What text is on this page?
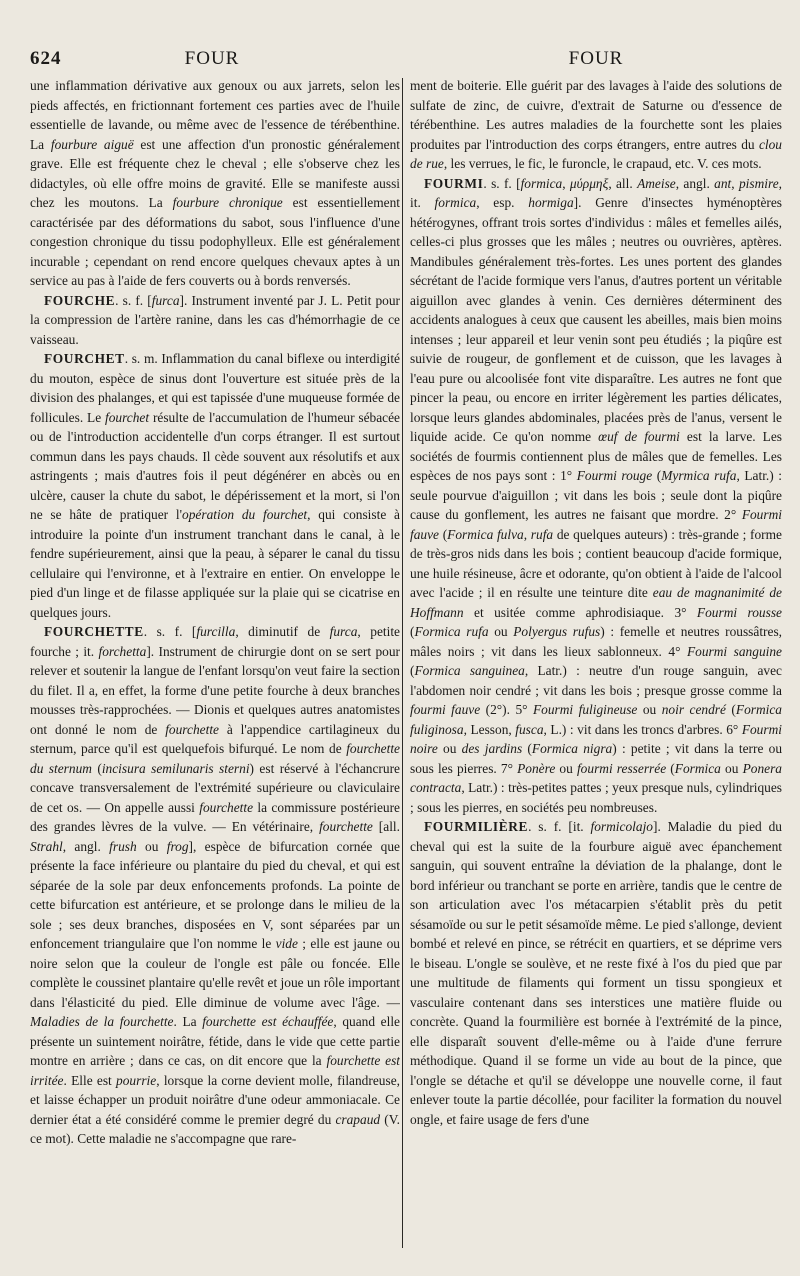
624	FOUR	FOUR

une inflammation dérivative aux genoux ou aux jarrets, selon les pieds affectés, en frictionnant fortement ces parties avec de l'huile essentielle de lavande, ou même avec de l'essence de térébenthine. La fourbure aiguë est une affection d'un pronostic généralement grave. Elle est fréquente chez le cheval ; elle s'observe chez les didactyles, où elle offre moins de gravité. Elle se manifeste aussi chez les moutons. La fourbure chronique est essentiellement caractérisée par des déformations du sabot, sous l'influence d'une congestion chronique du tissu podophylleux. Elle est généralement incurable ; cependant on rend encore quelques chevaux aptes à un service au pas à l'aide de fers couverts ou à bords renversés.

FOURCHE. s. f. [furca]. Instrument inventé par J. L. Petit pour la compression de l'artère ranine, dans les cas d'hémorrhagie de ce vaisseau.

FOURCHET. s. m. Inflammation du canal biflexe ou interdigité du mouton, espèce de sinus dont l'ouverture est située près de la division des phalanges, et qui est tapissée d'une muqueuse formée de follicules. Le fourchet résulte de l'accumulation de l'humeur sébacée ou de l'introduction accidentelle d'un corps étranger. Il est surtout commun dans les pays chauds. Il cède souvent aux résolutifs et aux astringents ; mais d'autres fois il peut dégénérer en abcès ou en ulcère, causer la chute du sabot, le dépérissement et la mort, si l'on ne se hâte de pratiquer l'opération du fourchet, qui consiste à introduire la pointe d'un instrument tranchant dans le canal, à le fendre supérieurement, ainsi que la peau, à séparer le canal du tissu cellulaire qui l'environne, et à l'extraire en entier. On enveloppe le pied d'un linge et de filasse appliquée sur la plaie qui se cicatrise en quelques jours.

FOURCHETTE. s. f. [furcilla, diminutif de furca, petite fourche ; it. forchetta]. Instrument de chirurgie dont on se sert pour relever et soutenir la langue de l'enfant lorsqu'on veut faire la section du filet. Il a, en effet, la forme d'une petite fourche à deux branches mousses très-rapprochées. — Dionis et quelques autres anatomistes ont donné le nom de fourchette à l'appendice cartilagineux du sternum, parce qu'il est quelquefois bifurqué. Le nom de fourchette du sternum (incisura semilunaris sterni) est réservé à l'échancrure concave transversalement de l'extrémité supérieure ou claviculaire de cet os. — On appelle aussi fourchette la commissure postérieure des grandes lèvres de la vulve. — En vétérinaire, fourchette [all. Strahl, angl. frush ou frog], espèce de bifurcation cornée que présente la face inférieure ou plantaire du pied du cheval, et qui est séparée de la sole par deux enfoncements profonds. La pointe de cette bifurcation est antérieure, et se prolonge dans le milieu de la sole ; ses deux branches, disposées en V, sont séparées par un enfoncement triangulaire que l'on nomme le vide ; elle est jaune ou noire selon que la couleur de l'ongle est pâle ou foncée. Elle complète le coussinet plantaire qu'elle revêt et joue un rôle important dans l'élasticité du pied. Elle diminue de volume avec l'âge. — Maladies de la fourchette. La fourchette est échauffée, quand elle présente un suintement noirâtre, fétide, dans le vide que cette partie montre en arrière ; dans ce cas, on dit encore que la fourchette est irritée. Elle est pourrie, lorsque la corne devient molle, filandreuse, et laisse échapper un produit noirâtre d'une odeur ammoniacale. Ce dernier état a été considéré comme le premier degré du crapaud (V. ce mot). Cette maladie ne s'accompagne que rare-

ment de boiterie. Elle guérit par des lavages à l'aide des solutions de sulfate de zinc, de cuivre, d'extrait de Saturne ou d'essence de térébenthine. Les autres maladies de la fourchette sont les plaies produites par l'introduction des corps étrangers, entre autres du clou de rue, les verrues, le fic, le furoncle, le crapaud, etc. V. ces mots.

FOURMI. s. f. [formica, μύρμηξ, all. Ameise, angl. ant, pismire, it. formica, esp. hormiga]. Genre d'insectes hyménoptères hétérogynes, offrant trois sortes d'individus : mâles et femelles ailés, celles-ci plus grosses que les mâles ; neutres ou ouvrières, aptères. Mandibules généralement très-fortes. Les unes portent des glandes sécrétant de l'acide formique vers l'anus, d'autres portent un véritable aiguillon avec glandes à venin. Ces dernières déterminent des accidents analogues à ceux que causent les abeilles, mais bien moins intenses ; leur appareil et leur venin sont peu étudiés ; la piqûre est suivie de rougeur, de gonflement et de cuisson, que les lavages à l'eau pure ou alcoolisée font vite disparaître. Les autres ne font que pincer la peau, ou encore en irriter légèrement les parties délicates, lorsque leurs glandes abdominales, placées près de l'anus, versent le liquide acide. Ce qu'on nomme œuf de fourmi est la larve. Les sociétés de fourmis contiennent plus de mâles que de femelles. Les espèces de nos pays sont : 1° Fourmi rouge (Myrmica rufa, Latr.) : seule pourvue d'aiguillon ; vit dans les bois ; seule dont la piqûre cause du gonflement, les autres ne faisant que mordre. 2° Fourmi fauve (Formica fulva, rufa de quelques auteurs) : très-grande ; forme de très-gros nids dans les bois ; contient beaucoup d'acide formique, une huile résineuse, âcre et odorante, qu'on obtient à l'aide de l'alcool avec l'acide ; il en résulte une teinture dite eau de magnanimité de Hoffmann et usitée comme aphrodisiaque. 3° Fourmi rousse (Formica rufa ou Polyergus rufus) : femelle et neutres roussâtres, mâles noirs ; vit dans les lieux sablonneux. 4° Fourmi sanguine (Formica sanguinea, Latr.) : neutre d'un rouge sanguin, avec l'abdomen noir cendré ; vit dans les bois ; presque grosse comme la fourmi fauve (2°). 5° Fourmi fuligineuse ou noir cendré (Formica fuliginosa, Lesson, fusca, L.) : vit dans les troncs d'arbres. 6° Fourmi noire ou des jardins (Formica nigra) : petite ; vit dans la terre ou sous les pierres. 7° Ponère ou fourmi resserrée (Formica ou Ponera contracta, Latr.) : très-petites pattes ; yeux presque nuls, cylindriques ; sous les pierres, en sociétés peu nombreuses.

FOURMILIÈRE. s. f. [it. formicolajo]. Maladie du pied du cheval qui est la suite de la fourbure aiguë avec épanchement sanguin, qui souvent entraîne la déviation de la phalange, dont le bord inférieur ou tranchant se porte en arrière, tandis que le centre de son articulation avec l'os métacarpien s'établit près du petit sésamoïde ou sur le petit sésamoïde même. Le pied s'allonge, devient bombé et relevé en pince, se rétrécit en quartiers, et se déprime vers le biseau. L'ongle se soulève, et ne reste fixé à l'os du pied que par une multitude de filaments qui forment un tissu spongieux et vasculaire contenant dans ses interstices une matière fluide ou concrète. Quand la fourmilière est bornée à l'extrémité de la pince, elle disparaît souvent d'elle-même ou à l'aide d'une ferrure méthodique. Quand il se forme un vide au bout de la pince, que l'ongle se détache et qu'il se développe une nouvelle corne, il faut enlever toute la partie décollée, pour faciliter la formation du nouvel ongle, et faire usage de fers d'une
